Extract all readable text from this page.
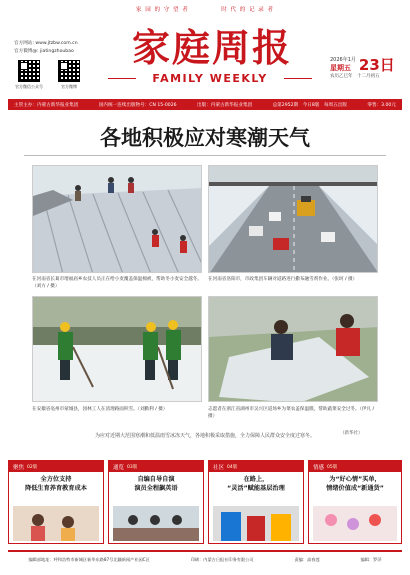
家 园 的 守 望 者　　　　　时 代 的 记 录 者
官方网站: www.jtzbw.com.cn
官方微博@: jiatingzhoubao
官方微信公众号	官方微博
家庭周报
FAMILY WEEKLY
2026年1月
星期五 23日
农历乙巳年　十二月初五
主管主办：内蒙古新华报业集团	国内统一连续出版物号：CN 15-0026	出版：内蒙古新华报业集团	总第2952期　今日8版　每周五出版	零售：3.00元
各地积极应对寒潮天气
在河南省长葛市增福庙乡农技人员正在给小麦覆盖保温棉被，帮助冬小麦安全越冬。（刘方 / 摄）
在河南省洛阳市，市政集团车辆对道路进行撒布融雪剂作业。（张珂 / 摄）
在安徽省亳州市蒙城县，园林工人在清理路面积雪。（刘勤利 / 摄）	志愿者在浙江省湖州市吴兴区道场乡为菜农盖保温膜，帮助蔬菜安全过冬。（伊凡 / 摄）
为应对近期大范围寒潮和低温雨雪冰冻天气，各地积极采取措施，全力保障人民群众安全度过寒冬。	（新华社）
聚焦 02版
全方位支持
降低生育养育教育成本
通览 03版
自编自导自演
演员全程飙英语
社区 04版
在路上，
“灵活”赋能基层治理
情感 05版
为“好心情”买单，
情绪价值成“新通货”
编辑部地址：呼和浩特市新城区新华东路87号北疆新闻产业园C区	印刷：内蒙古日报社印务有限公司	责编：高春莲	编辑：罗萍
